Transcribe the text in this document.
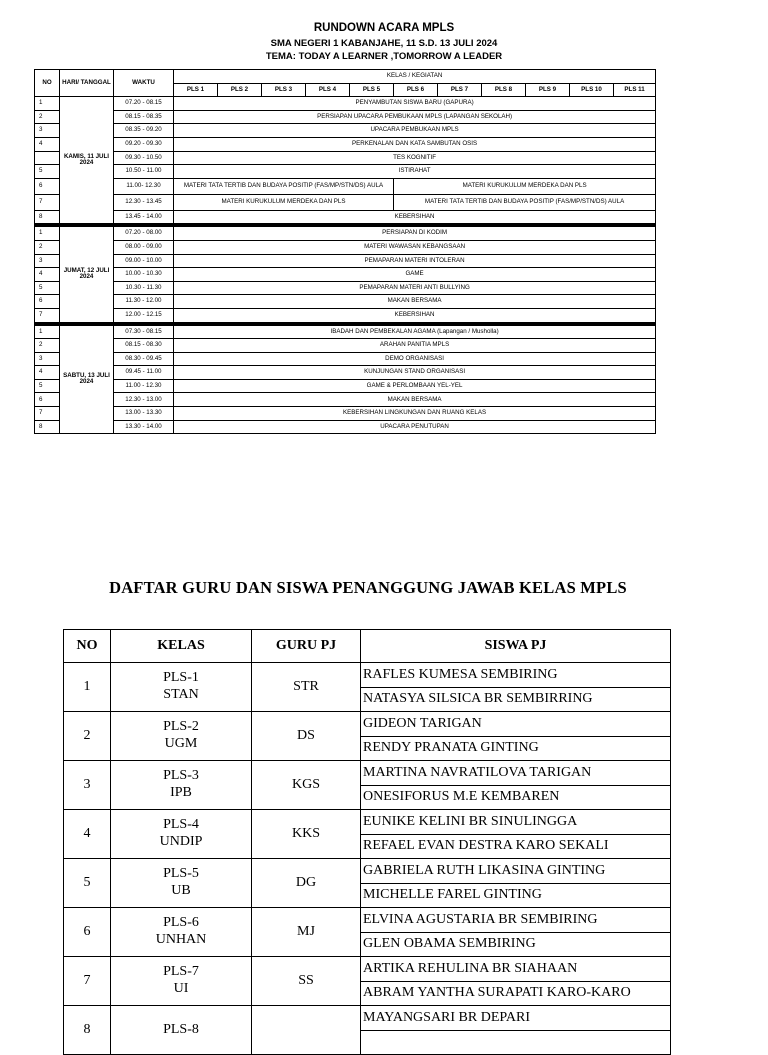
RUNDOWN ACARA MPLS
SMA NEGERI 1 KABANJAHE, 11 S.D. 13 JULI 2024
TEMA: TODAY A LEARNER ,TOMORROW A LEADER
NO	HARI/ TANGGAL	WAKTU	KELAS / KEGIATAN										
			PLS 1	PLS 2	PLS 3	PLS 4	PLS 5	PLS 6	PLS 7	PLS 8	PLS 9	PLS 10	PLS 11
1	KAMIS, 11 JULI 2024	07.20 - 08.15	PENYAMBUTAN SISWA BARU (GAPURA)										
2		08.15 - 08.35	PERSIAPAN UPACARA PEMBUKAAN MPLS (LAPANGAN SEKOLAH)										
3		08.35 - 09.20	UPACARA PEMBUKAAN MPLS										
4		09.20 - 09.30	PERKENALAN DAN KATA SAMBUTAN OSIS										
		09.30 - 10.50	TES KOGNITIF										
5		10.50 - 11.00	ISTIRAHAT										
6		11.00- 12.30	MATERI TATA TERTIB DAN BUDAYA POSITIP (FAS/MP/STN/DS) AULA					MATERI KURUKULUM MERDEKA DAN PLS					
7		12.30 - 13.45	MATERI KURUKULUM MERDEKA DAN PLS					MATERI TATA TERTIB DAN BUDAYA POSITIP (FAS/MP/STN/DS) AULA					
8		13.45 - 14.00	KEBERSIHAN										

1	JUMAT, 12 JULI 2024	07.20 - 08.00	PERSIAPAN DI KODIM										
2		08.00 - 09.00	MATERI WAWASAN KEBANGSAAN										
3		09.00 - 10.00	PEMAPARAN MATERI INTOLERAN										
4		10.00 - 10.30	GAME										
5		10.30 - 11.30	PEMAPARAN MATERI ANTI BULLYING										
6		11.30 - 12.00	MAKAN BERSAMA										
7		12.00 - 12.15	KEBERSIHAN										

1	SABTU, 13 JULI 2024	07.30 - 08.15	IBADAH DAN PEMBEKALAN AGAMA (Lapangan / Musholla)										
2		08.15 - 08.30	ARAHAN PANITIA MPLS										
3		08.30 - 09.45	DEMO ORGANISASI										
4		09.45 - 11.00	KUNJUNGAN STAND ORGANISASI										
5		11.00 - 12.30	GAME & PERLOMBAAN YEL-YEL										
6		12.30 - 13.00	MAKAN BERSAMA										
7		13.00 - 13.30	KEBERSIHAN LINGKUNGAN DAN RUANG KELAS										
8		13.30 - 14.00	UPACARA PENUTUPAN										
DAFTAR GURU DAN SISWA PENANGGUNG JAWAB KELAS MPLS
NO	KELAS	GURU PJ	SISWA PJ
1	PLS-1
STAN	STR	RAFLES KUMESA SEMBIRING
			NATASYA SILSICA BR SEMBIRRING
2	PLS-2
UGM	DS	GIDEON TARIGAN
			RENDY PRANATA GINTING
3	PLS-3
IPB	KGS	MARTINA NAVRATILOVA TARIGAN
			ONESIFORUS M.E KEMBAREN
4	PLS-4
UNDIP	KKS	EUNIKE KELINI BR SINULINGGA
			REFAEL EVAN DESTRA KARO SEKALI
5	PLS-5
UB	DG	GABRIELA RUTH LIKASINA GINTING
			MICHELLE FAREL GINTING
6	PLS-6
UNHAN	MJ	ELVINA AGUSTARIA BR SEMBIRING
			GLEN OBAMA SEMBIRING
7	PLS-7
UI	SS	ARTIKA REHULINA BR SIAHAAN
			ABRAM YANTHA SURAPATI KARO-KARO
8	PLS-8		MAYANGSARI BR DEPARI
